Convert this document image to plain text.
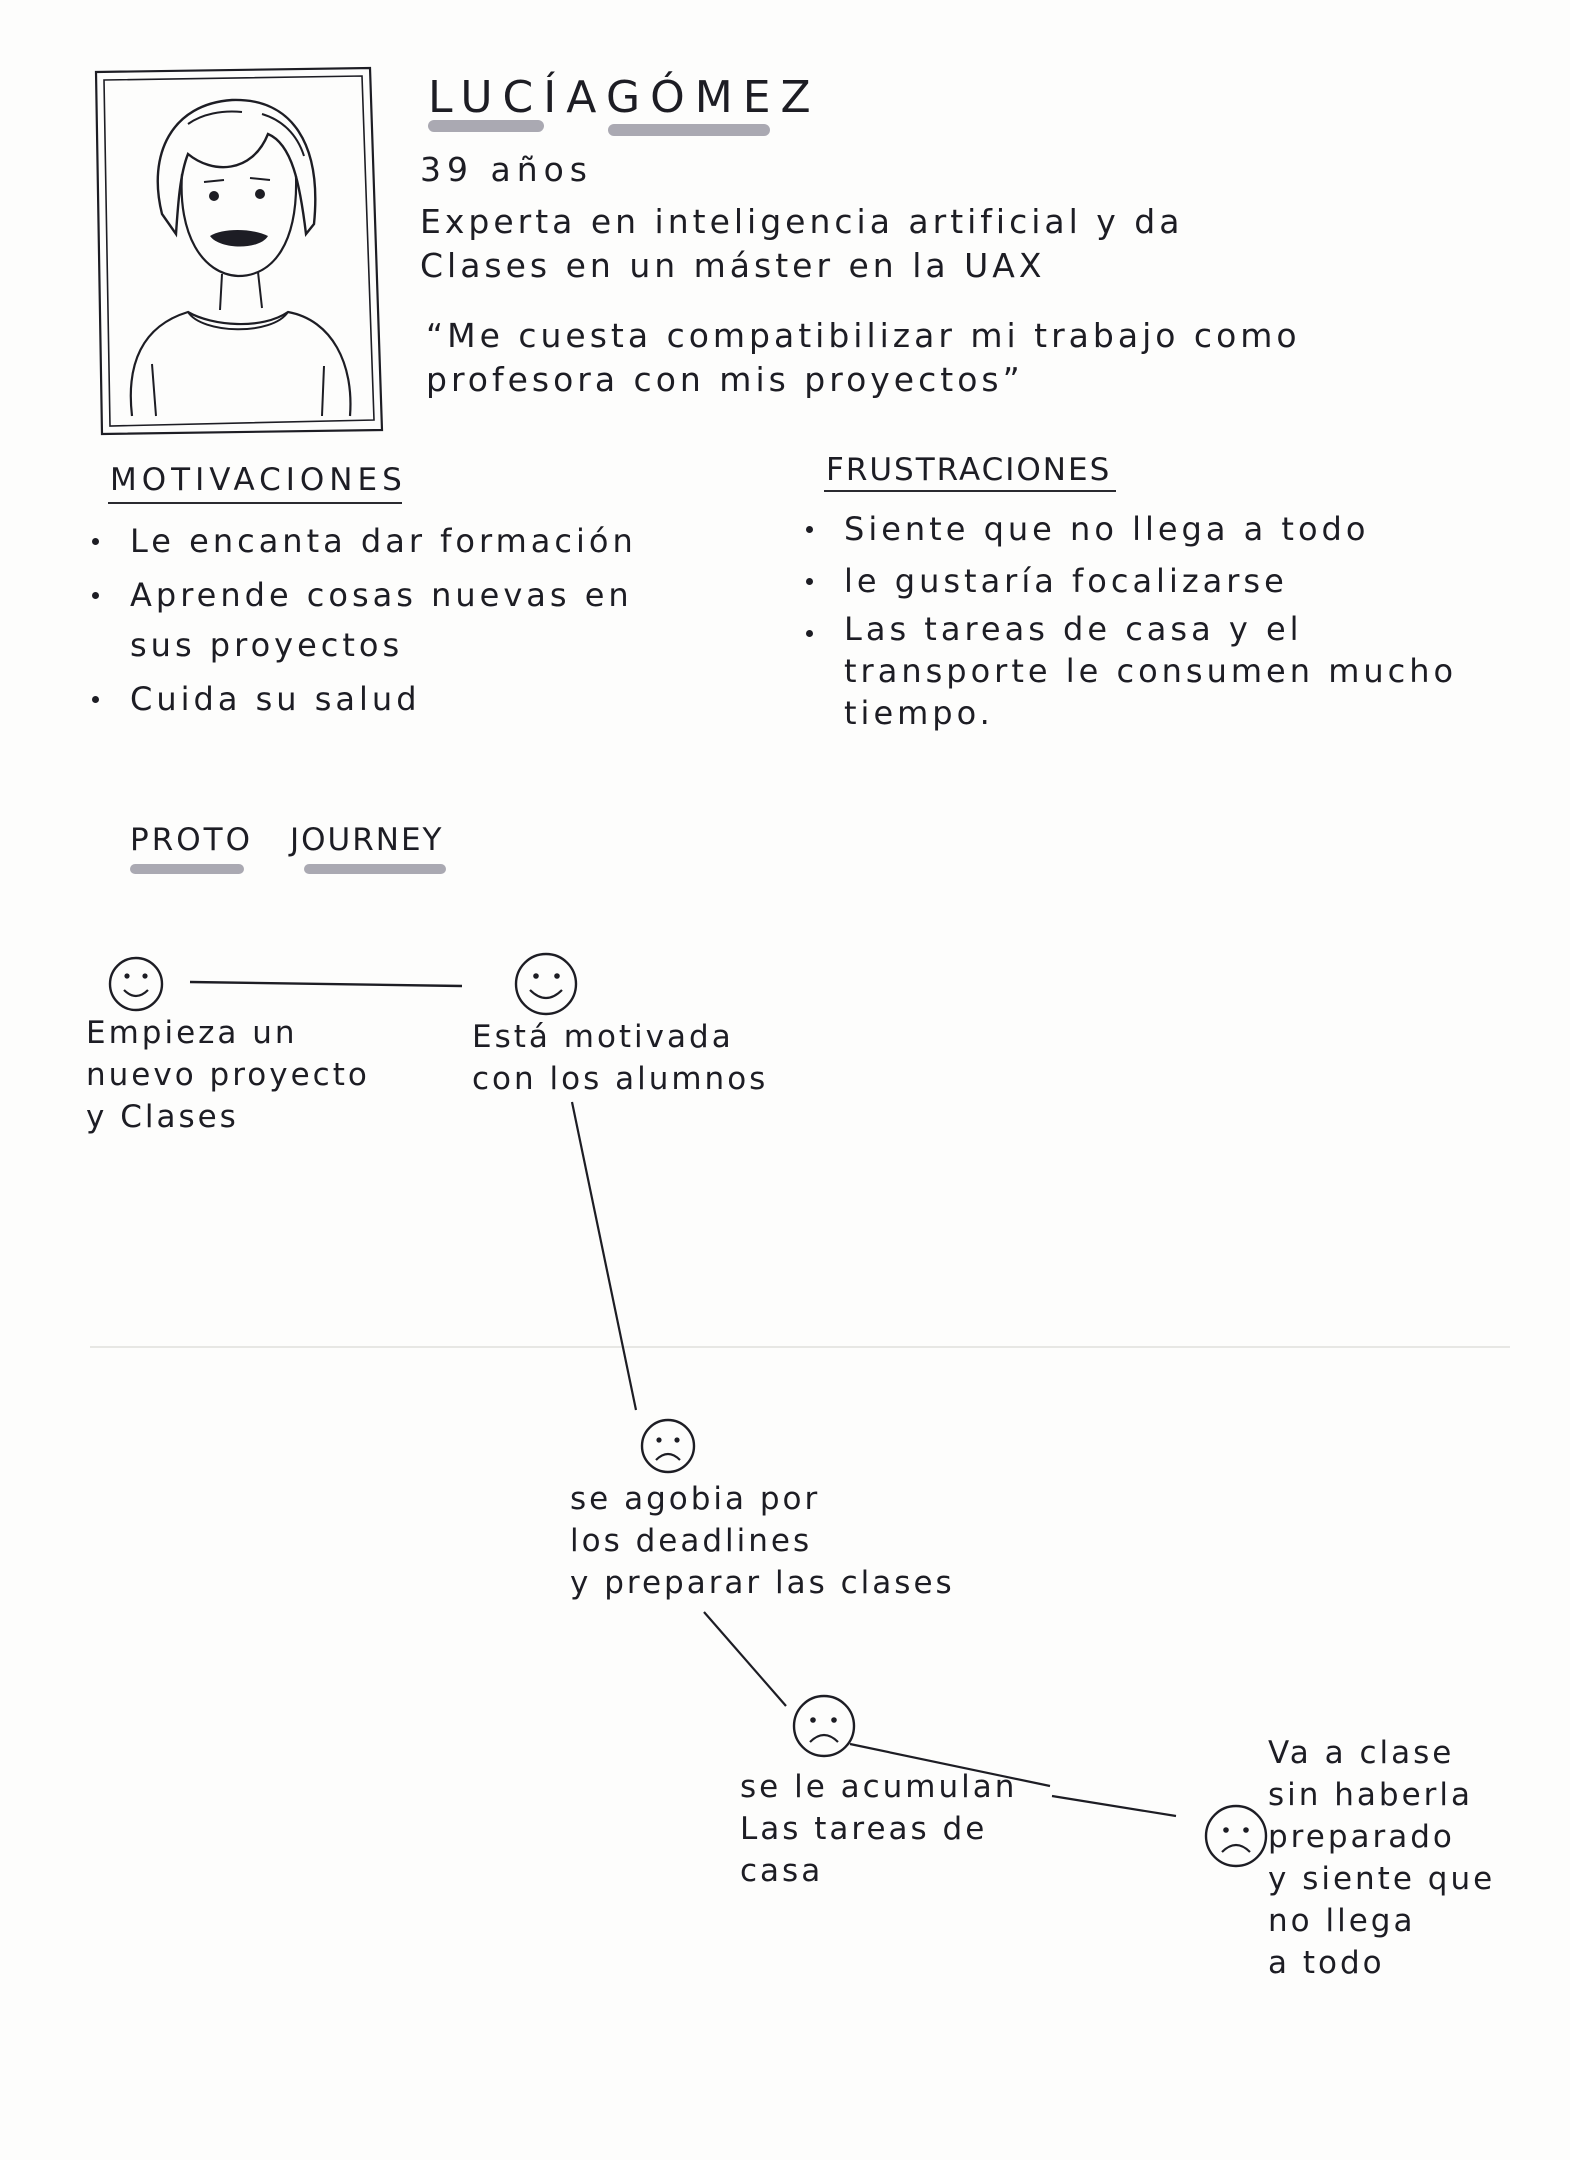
LUCÍA GÓMEZ
39 años
Experta en inteligencia artificial y da
Clases en un máster en la UAX
“Me cuesta compatibilizar mi trabajo como
profesora con mis proyectos”
MOTIVACIONES
Le encanta dar formación
Aprende cosas nuevas en
sus proyectos
Cuida su salud
FRUSTRACIONES
Siente que no llega a todo
le gustaría focalizarse
Las tareas de casa y el
transporte le consumen mucho
tiempo.
PROTO JOURNEY
Empieza un
nuevo proyecto
y Clases
Está motivada
con los alumnos
se agobia por
los deadlines
y preparar las clases
se le acumulan
Las tareas de
casa
Va a clase
sin haberla
preparado
y siente que
no llega
a todo
